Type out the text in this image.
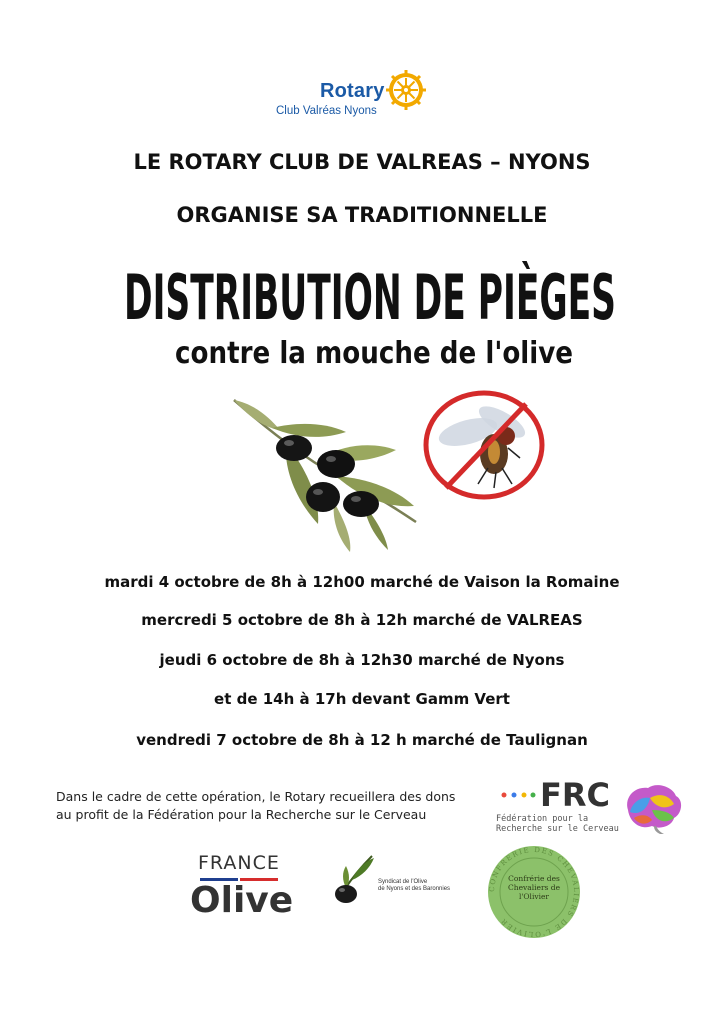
Rotary
Club Valréas Nyons
LE ROTARY CLUB DE VALREAS – NYONS
ORGANISE SA TRADITIONNELLE
DISTRIBUTION DE PIÈGES
contre la mouche de l'olive
mardi 4 octobre de 8h à 12h00 marché de Vaison la Romaine
mercredi 5 octobre de 8h à 12h marché de VALREAS
jeudi 6 octobre de 8h à 12h30 marché de Nyons
et de 14h à 17h devant Gamm Vert
vendredi 7 octobre de 8h à 12 h marché de Taulignan
Dans le cadre de cette opération, le Rotary recueillera des dons
au profit de la Fédération pour la Recherche sur le Cerveau
FRC
Fédération pour la
Recherche sur le Cerveau
FRANCE
Olive	Syndicat de l'Olive
de Nyons et des Baronnies	CONFRERIE DES CHEVALIERS DE L'OLIVIER
Confrérie des
Chevaliers de
l'Olivier
